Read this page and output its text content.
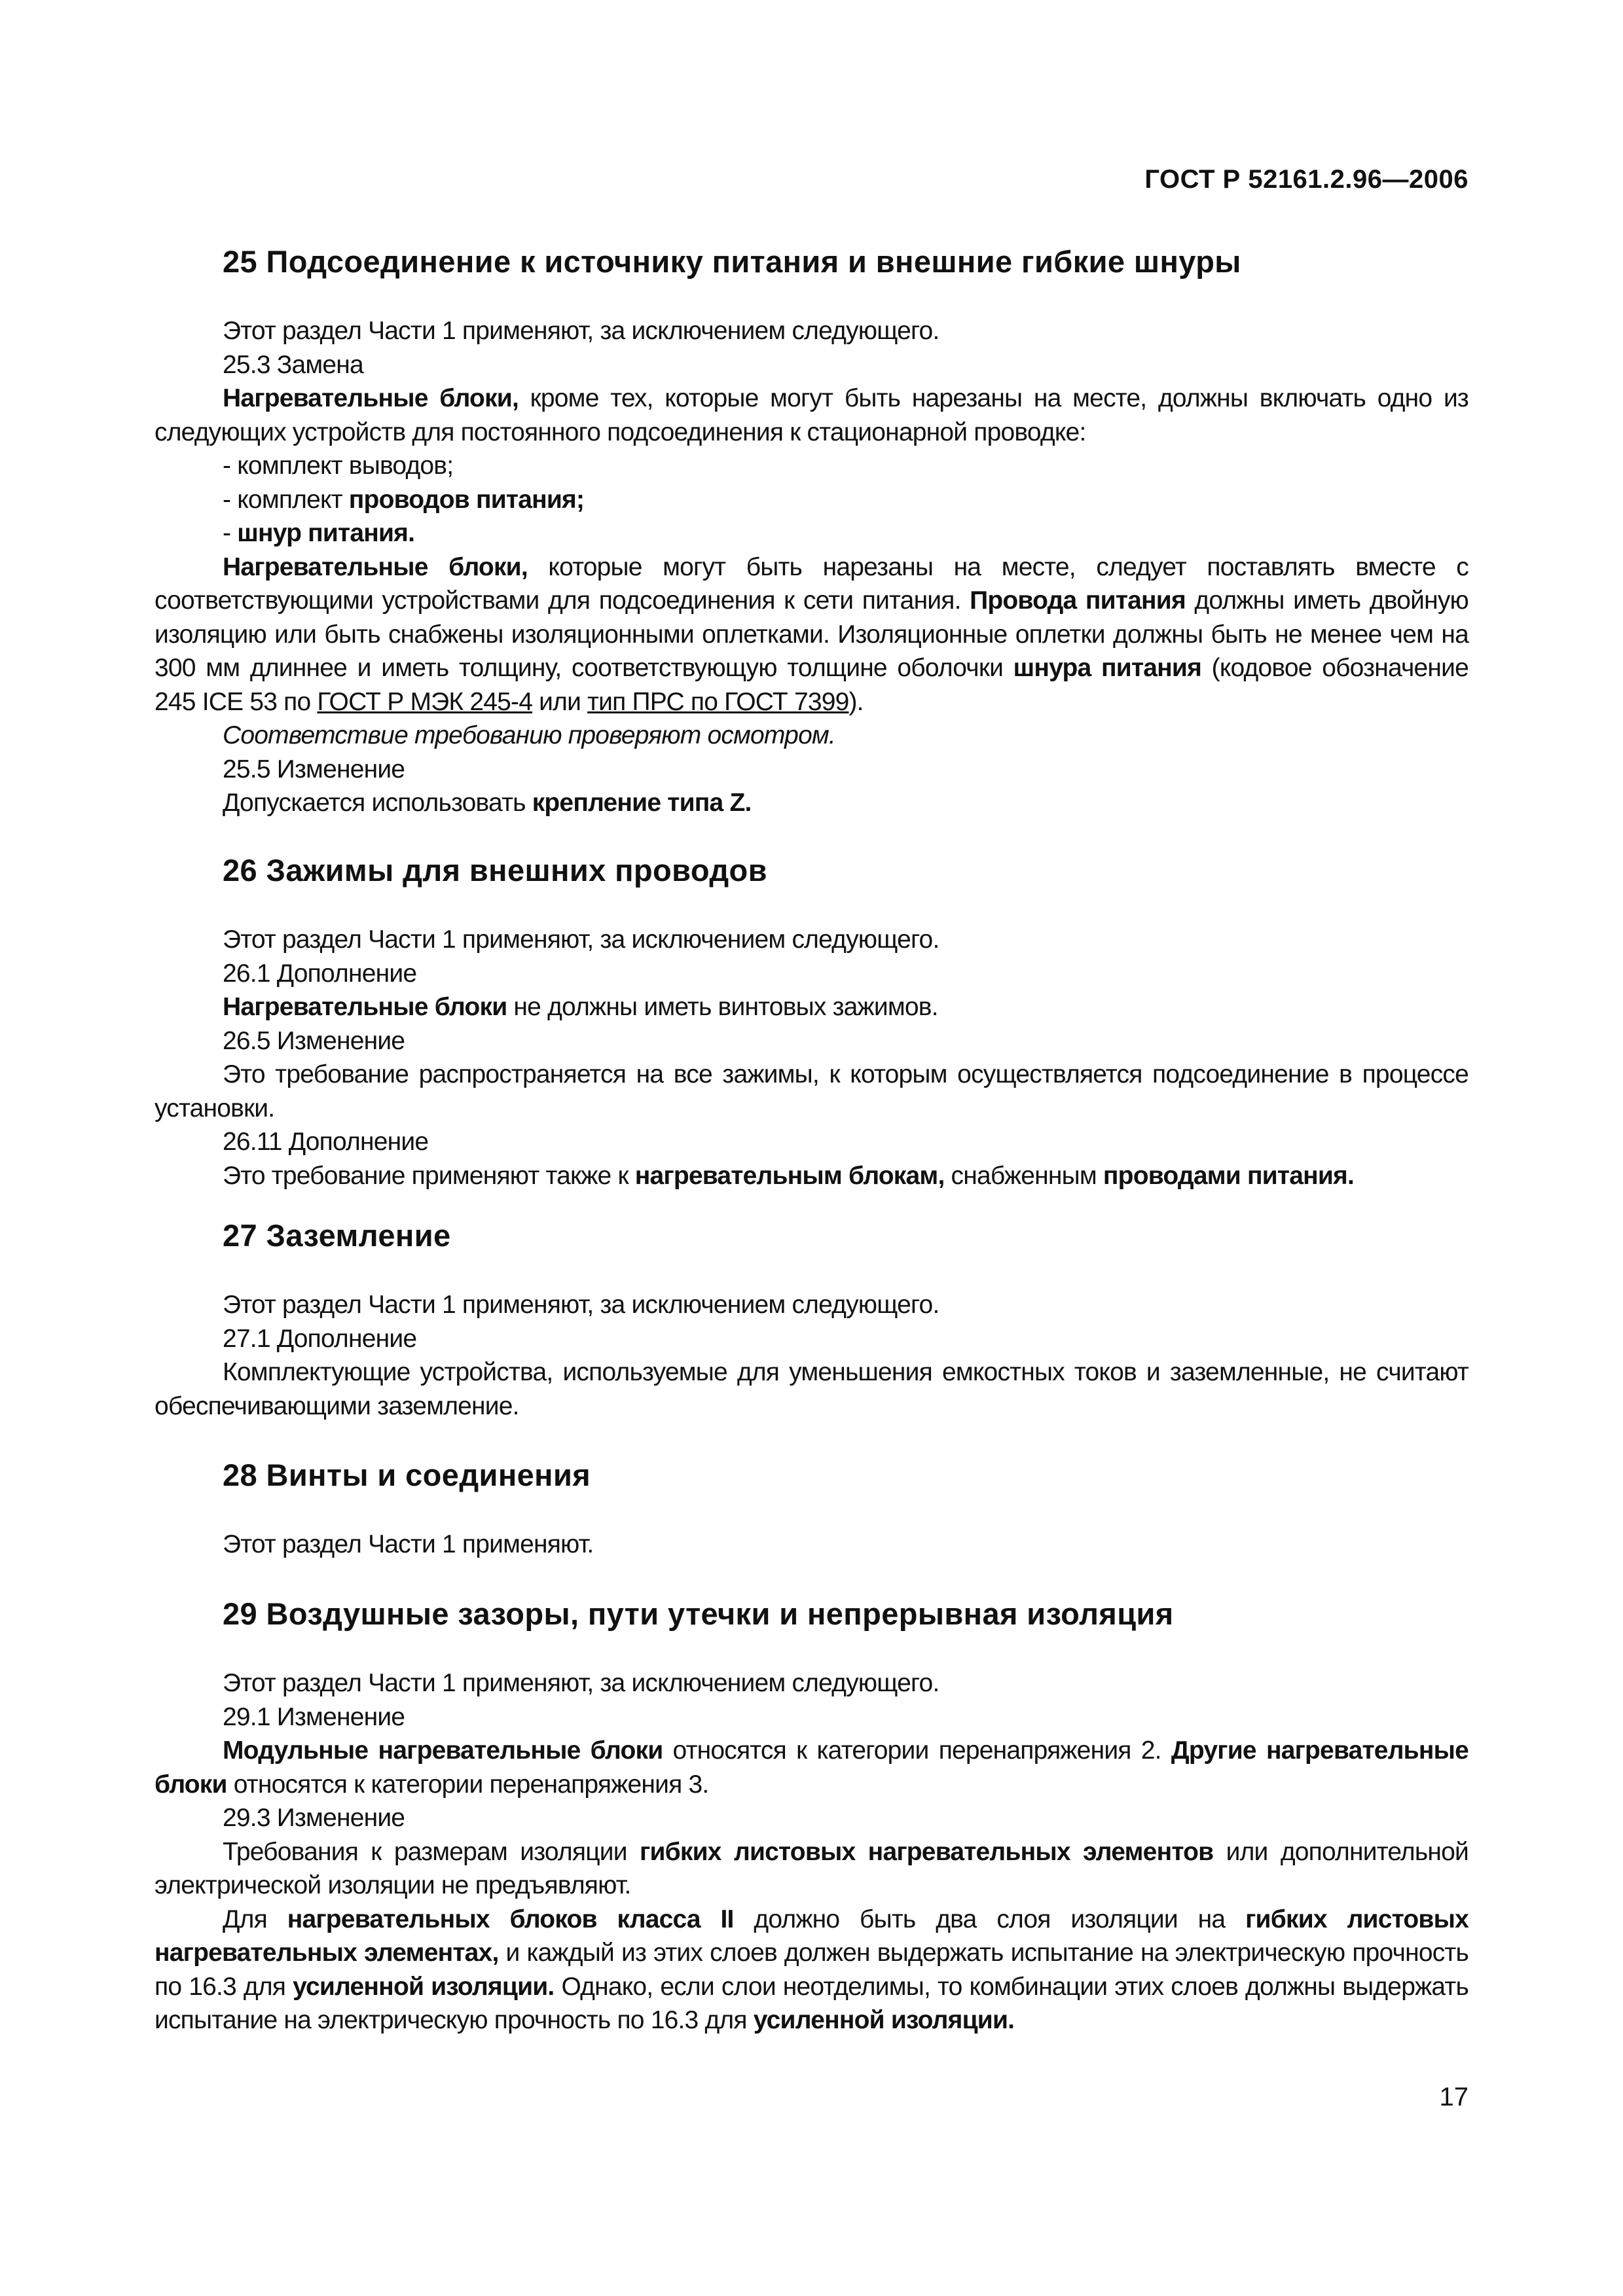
ГОСТ Р 52161.2.96—2006
25 Подсоединение к источнику питания и внешние гибкие шнуры

Этот раздел Части 1 применяют, за исключением следующего.

25.3 Замена

Нагревательные блоки, кроме тех, которые могут быть нарезаны на месте, должны включать одно из следующих устройств для постоянного подсоединения к стационарной проводке:

- комплект выводов;

- комплект проводов питания;

- шнур питания.

Нагревательные блоки, которые могут быть нарезаны на месте, следует поставлять вместе с соответствующими устройствами для подсоединения к сети питания. Провода питания должны иметь двойную изоляцию или быть снабжены изоляционными оплетками. Изоляционные оплетки должны быть не менее чем на 300 мм длиннее и иметь толщину, соответствующую толщине оболочки шнура питания (кодовое обозначение 245 ICE 53 по ГОСТ Р МЭК 245-4 или тип ПРС по ГОСТ 7399).

Соответствие требованию проверяют осмотром.

25.5 Изменение

Допускается использовать крепление типа Z.

26 Зажимы для внешних проводов

Этот раздел Части 1 применяют, за исключением следующего.

26.1 Дополнение

Нагревательные блоки не должны иметь винтовых зажимов.

26.5 Изменение

Это требование распространяется на все зажимы, к которым осуществляется подсоединение в процессе установки.

26.11 Дополнение

Это требование применяют также к нагревательным блокам, снабженным проводами питания.

27 Заземление

Этот раздел Части 1 применяют, за исключением следующего.

27.1 Дополнение

Комплектующие устройства, используемые для уменьшения емкостных токов и заземленные, не считают обеспечивающими заземление.

28 Винты и соединения

Этот раздел Части 1 применяют.

29 Воздушные зазоры, пути утечки и непрерывная изоляция

Этот раздел Части 1 применяют, за исключением следующего.

29.1 Изменение

Модульные нагревательные блоки относятся к категории перенапряжения 2. Другие нагревательные блоки относятся к категории перенапряжения 3.

29.3 Изменение

Требования к размерам изоляции гибких листовых нагревательных элементов или дополнительной электрической изоляции не предъявляют.

Для нагревательных блоков класса II должно быть два слоя изоляции на гибких листовых нагревательных элементах, и каждый из этих слоев должен выдержать испытание на электрическую прочность по 16.3 для усиленной изоляции. Однако, если слои неотделимы, то комбинации этих слоев должны выдержать испытание на электрическую прочность по 16.3 для усиленной изоляции.

17
